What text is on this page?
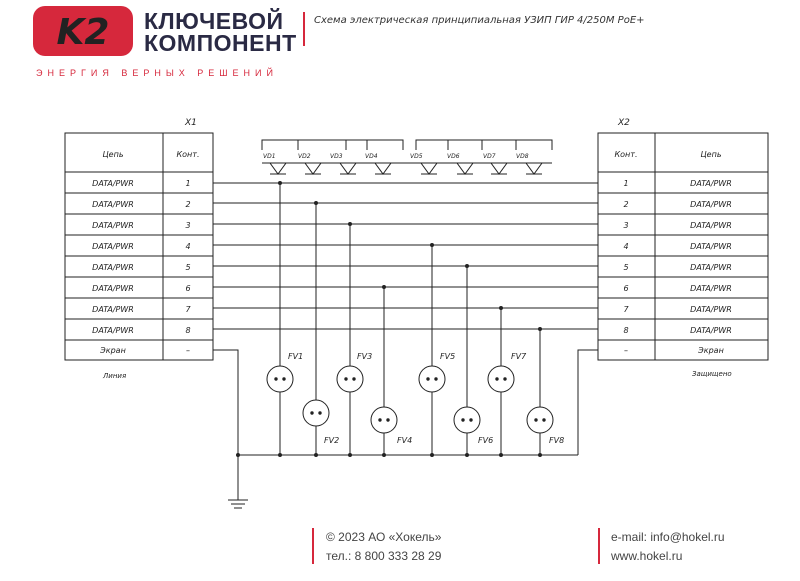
K2 КЛЮЧЕВОЙ
КОМПОНЕНТ
ЭНЕРГИЯ ВЕРНЫХ РЕШЕНИЙ
Схема электрическая принципиальная УЗИП ГИР 4/250М PoE+
X1	X2
Линия	Защищено
Цепь	Конт.
DATA/PWR	1
DATA/PWR	2
DATA/PWR	3
DATA/PWR	4
DATA/PWR	5
DATA/PWR	6
DATA/PWR	7
DATA/PWR	8
Экран	–
Конт.	Цепь
1	DATA/PWR
2	DATA/PWR
3	DATA/PWR
4	DATA/PWR
5	DATA/PWR
6	DATA/PWR
7	DATA/PWR
8	DATA/PWR
–	Экран
VD1	VD2	VD3	VD4	VD5	VD6	VD7	VD8
FV1
FV2
FV3
FV4
FV5
FV6
FV7
FV8
© 2023 АО «Хокель»
тел.: 8 800 333 28 29
e-mail: info@hokel.ru
www.hokel.ru
